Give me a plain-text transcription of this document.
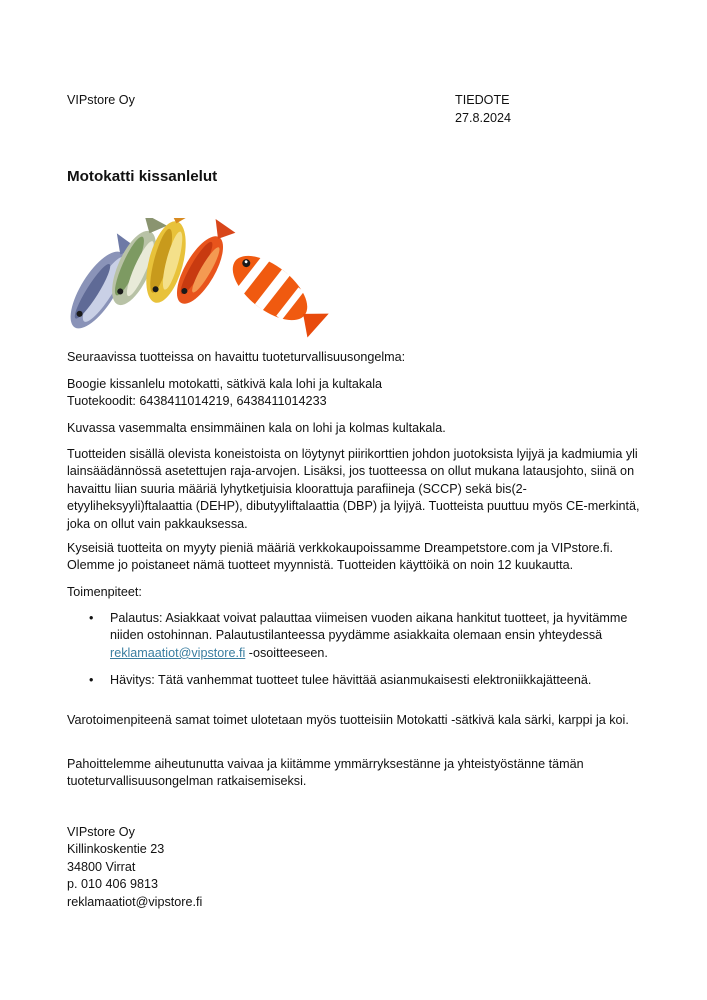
VIPstore Oy	TIEDOTE
27.8.2024
Motokatti kissanlelut

Seuraavissa tuotteissa on havaittu tuoteturvallisuusongelma:

Boogie kissanlelu motokatti, sätkivä kala lohi ja kultakala
Tuotekoodit: 6438411014219, 6438411014233

Kuvassa vasemmalta ensimmäinen kala on lohi ja kolmas kultakala.

Tuotteiden sisällä olevista koneistoista on löytynyt piirikorttien johdon juotoksista lyijyä ja kadmiumia yli lainsäädännössä asetettujen raja-arvojen. Lisäksi, jos tuotteessa on ollut mukana latausjohto, siinä on havaittu liian suuria määriä lyhytketjuisia kloorattuja parafiineja (SCCP) sekä bis(2-etyyliheksyyli)ftalaattia (DEHP), dibutyyliftalaattia (DBP) ja lyijyä. Tuotteista puuttuu myös CE-merkintä, joka on ollut vain pakkauksessa.

Kyseisiä tuotteita on myyty pieniä määriä verkkokaupoissamme Dreampetstore.com ja VIPstore.fi. Olemme jo poistaneet nämä tuotteet myynnistä. Tuotteiden käyttöikä on noin 12 kuukautta.

Toimenpiteet:

• Palautus: Asiakkaat voivat palauttaa viimeisen vuoden aikana hankitut tuotteet, ja hyvitämme niiden ostohinnan. Palautustilanteessa pyydämme asiakkaita olemaan ensin yhteydessä reklamaatiot@vipstore.fi -osoitteeseen.
• Hävitys: Tätä vanhemmat tuotteet tulee hävittää asianmukaisesti elektroniikkajätteenä.

Varotoimenpiteenä samat toimet ulotetaan myös tuotteisiin Motokatti -sätkivä kala särki, karppi ja koi.

Pahoittelemme aiheutunutta vaivaa ja kiitämme ymmärryksestänne ja yhteistyöstänne tämän tuoteturvallisuusongelman ratkaisemiseksi.

VIPstore Oy
Killinkoskentie 23
34800 Virrat
p. 010 406 9813
reklamaatiot@vipstore.fi
